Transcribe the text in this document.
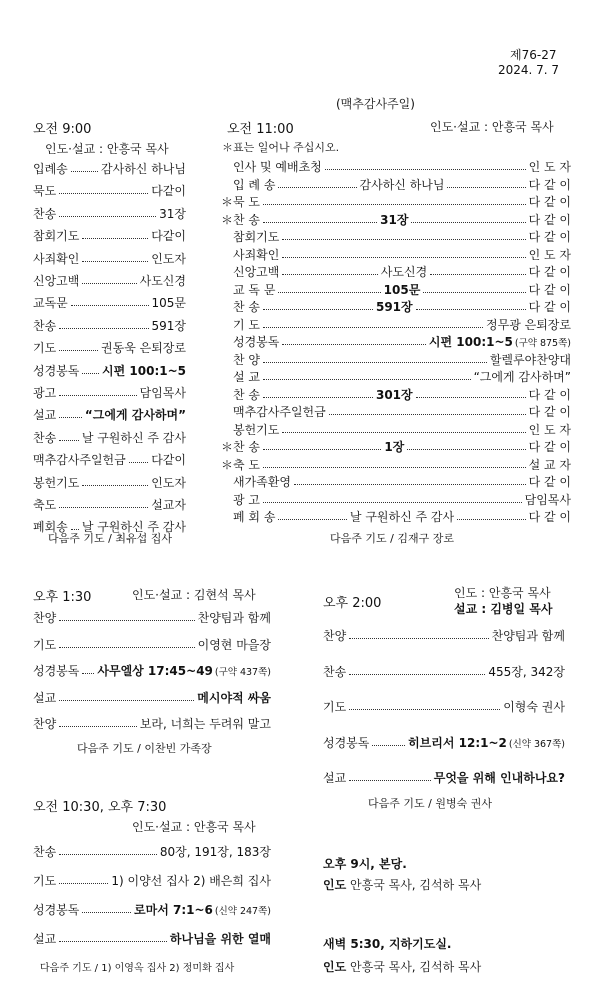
제76-27
2024. 7. 7
(맥추감사주일)
오전 9:00
인도·설교 : 안흥국 목사
입례송	감사하신 하나님
묵도	다같이
찬송	31장
참회기도	다같이
사죄확인	인도자
신앙고백	사도신경
교독문	105문
찬송	591장
기도	권동욱 은퇴장로
성경봉독 시편 100:1~5
광고	담임목사
설교 “그에게 감사하며”
찬송 날 구원하신 주 감사
맥추감사주일헌금 다같이
봉헌기도	인도자
축도	설교자
폐회송 날 구원하신 주 감사
다음주 기도 / 최유섭 집사
오전 11:00	인도·설교 : 안흥국 목사
＊표는 일어나 주십시오.
인사 및 예배초청	인 도 자
입 례 송	감사하신 하나님	다 같 이
＊ 묵 도	다 같 이
＊ 찬 송	31장	다 같 이
참회기도	다 같 이
사죄확인	인 도 자
신앙고백	사도신경	다 같 이
교 독 문	105문	다 같 이
찬 송	591장	다 같 이
기 도	정무광 은퇴장로
성경봉독	시편 100:1~5 (구약 875쪽)
찬 양	할렐루야찬양대
설 교	“그에게 감사하며”
찬 송	301장	다 같 이
맥추감사주일헌금	다 같 이
봉헌기도	인 도 자
＊ 찬 송	1장	다 같 이
＊ 축 도	설 교 자
새가족환영	다 같 이
광 고	담임목사
폐 회 송	날 구원하신 주 감사	다 같 이
다음주 기도 / 김재구 장로
오후 1:30	인도·설교 : 김현석 목사
찬양	찬양팀과 함께
기도	이영현 마을장
성경봉독 사무엘상 17:45~49 (구약 437쪽)
설교	메시야적 싸움
찬양	보라, 너희는 두려워 말고
다음주 기도 / 이찬빈 가족장
오전 10:30, 오후 7:30
인도·설교 : 안흥국 목사
찬송	80장, 191장, 183장
기도	1) 이양선 집사 2) 배은희 집사
성경봉독	로마서 7:1~6 (신약 247쪽)
설교	하나님을 위한 열매
다음주 기도 / 1) 이영옥 집사 2) 정미화 집사
오후 2:00
인도 : 안흥국 목사
설교 : 김병일 목사
찬양	찬양팀과 함께
찬송	455장, 342장
기도	이형숙 권사
성경봉독	히브리서 12:1~2 (신약 367쪽)
설교	무엇을 위해 인내하나요?
다음주 기도 / 원병숙 권사
오후 9시, 본당.
인도 안흥국 목사, 김석하 목사
새벽 5:30, 지하기도실.
인도 안흥국 목사, 김석하 목사
